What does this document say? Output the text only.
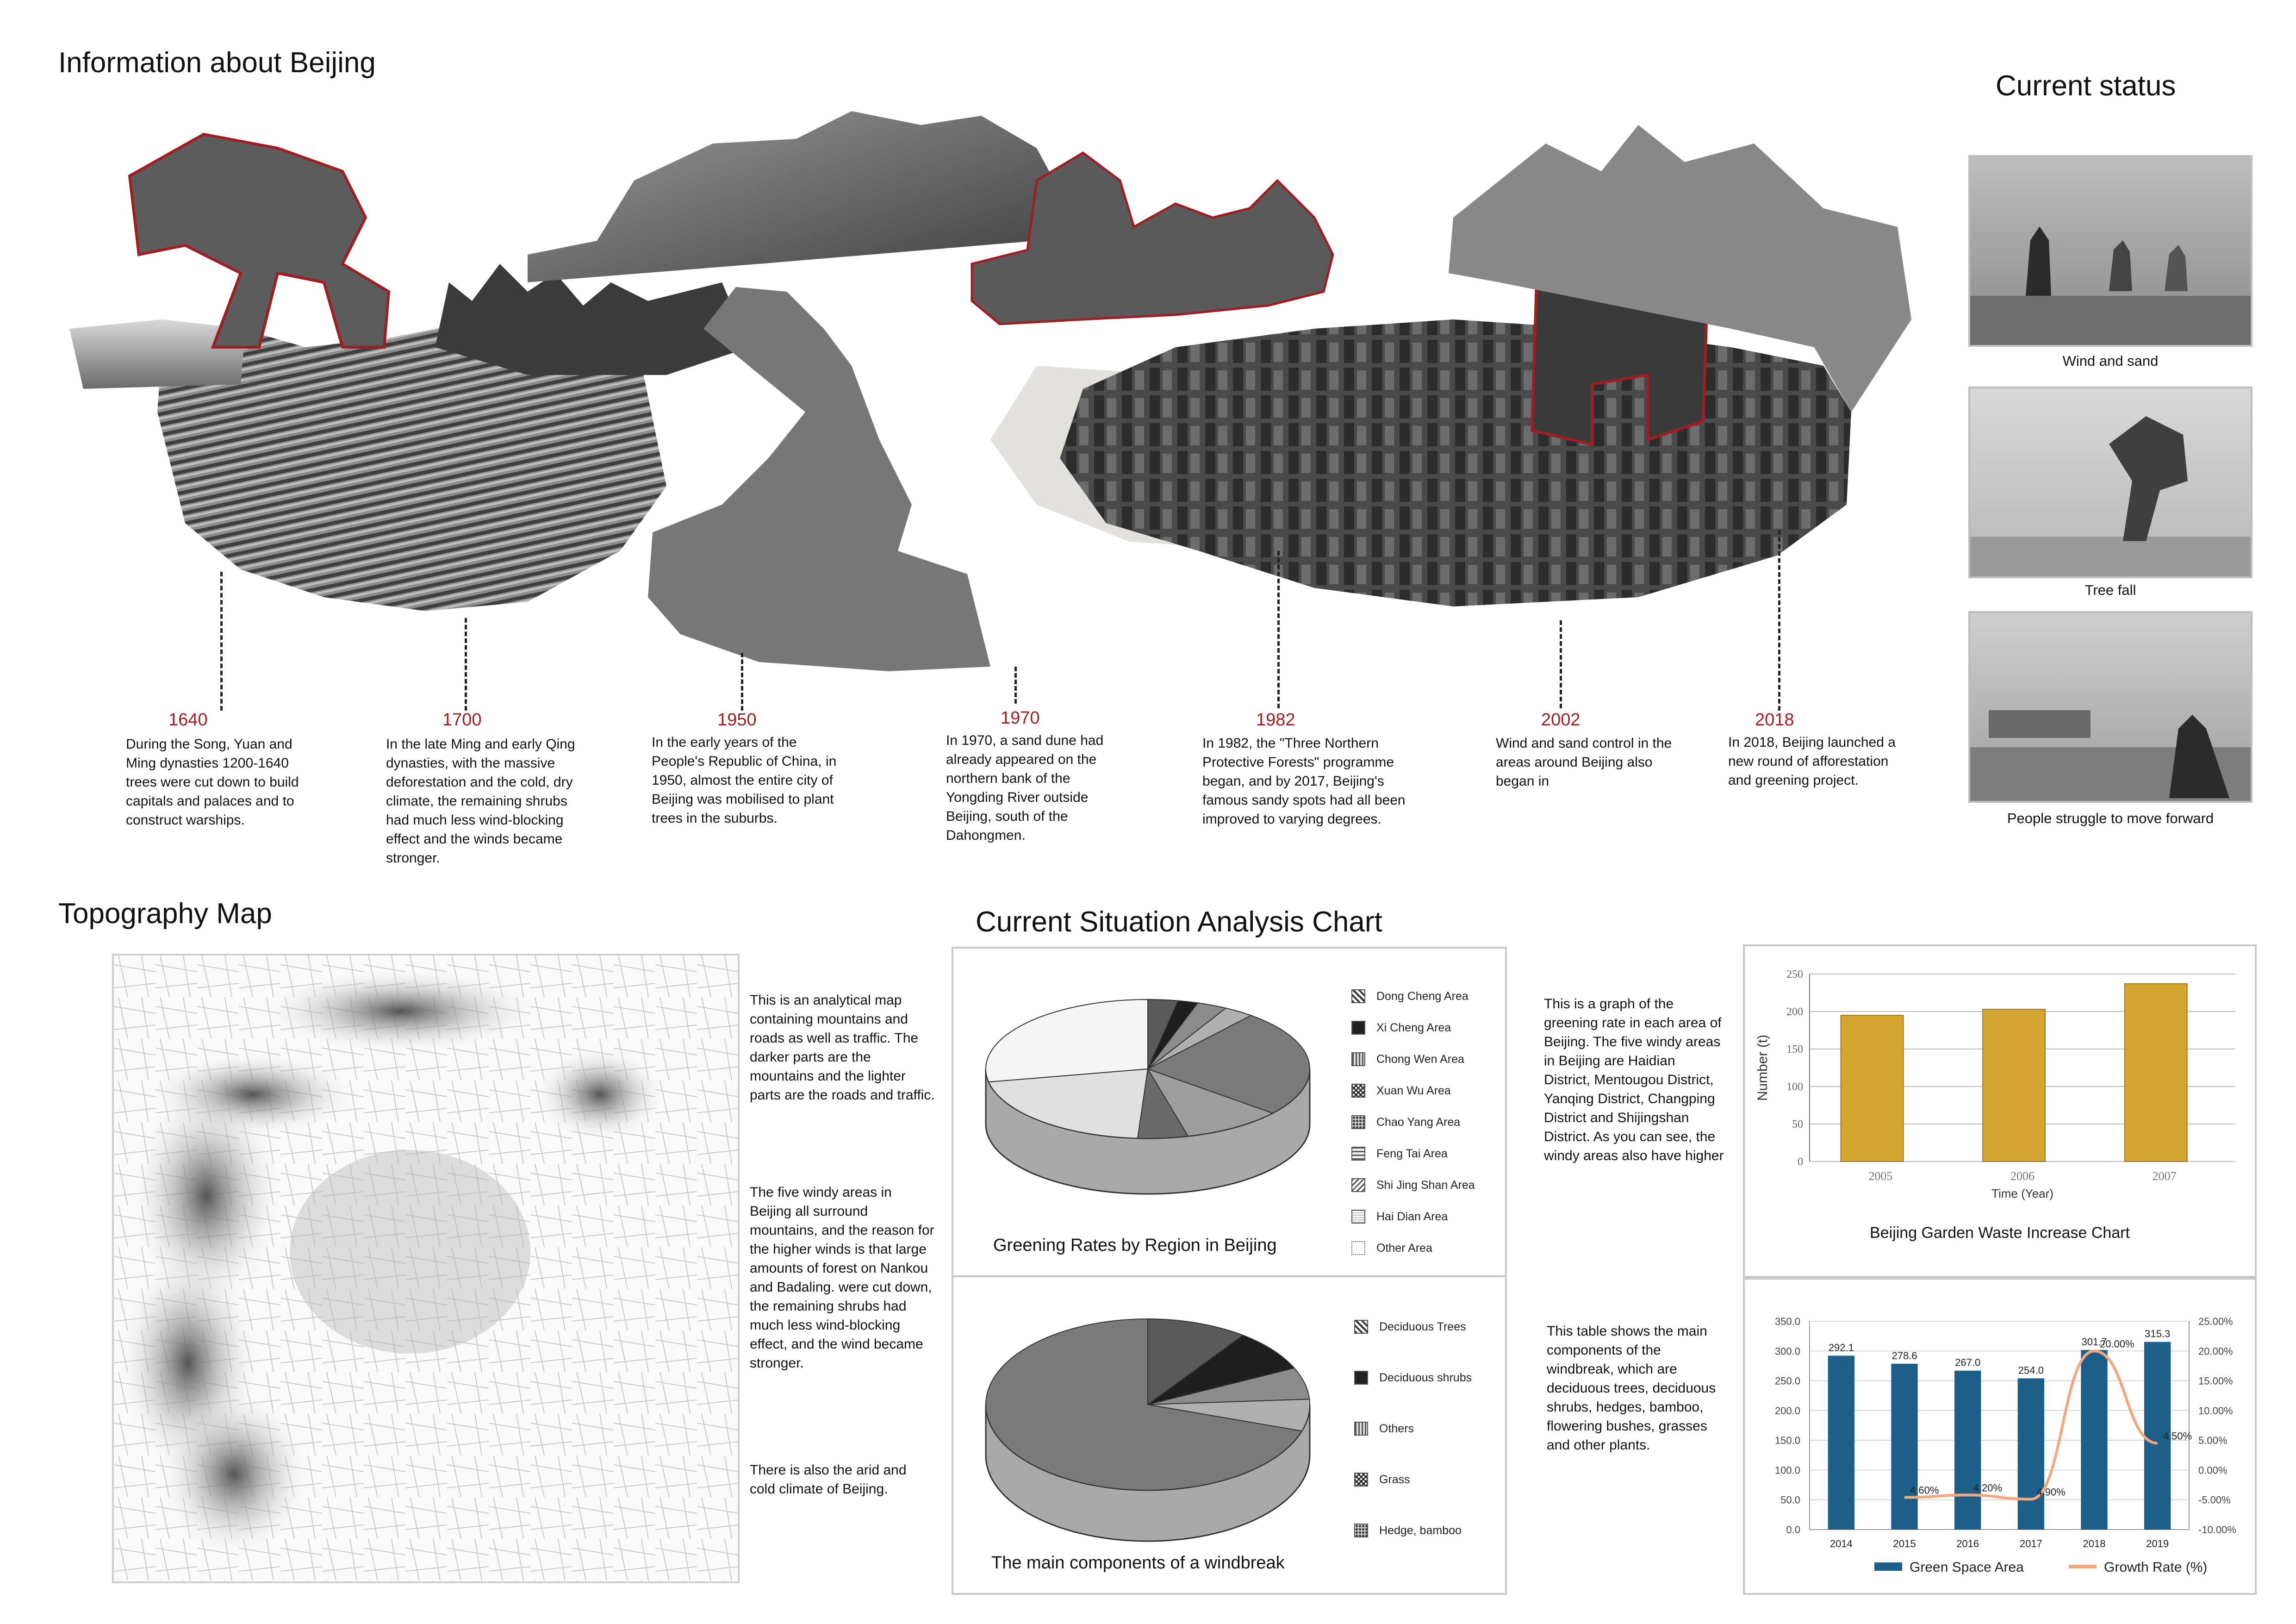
Information about Beijing
1640
During the Song, Yuan and Ming dynasties 1200-1640 trees were cut down to build capitals and palaces and to construct warships.
1700
In the late Ming and early Qing dynasties, with the massive deforestation and the cold, dry climate, the remaining shrubs had much less wind-blocking effect and the winds became stronger.
1950
In the early years of the People's Republic of China, in 1950, almost the entire city of Beijing was mobilised to plant trees in the suburbs.
1970
In 1970, a sand dune had already appeared on the northern bank of the Yongding River outside Beijing, south of the Dahongmen.
1982
In 1982, the "Three Northern Protective Forests" programme began, and by 2017, Beijing's famous sandy spots had all been improved to varying degrees.
2002
Wind and sand control in the areas around Beijing also began in
2018
In 2018, Beijing launched a new round of afforestation and greening project.
Current status
Wind and sand
Tree fall
People struggle to move forward
Topography Map
This is an analytical map containing mountains and roads as well as traffic. The darker parts are the mountains and the lighter parts are the roads and traffic.
The five windy areas in Beijing all surround mountains, and the reason for the higher winds is that large amounts of forest on Nankou and Badaling. were cut down, the remaining shrubs had much less wind-blocking effect, and the wind became stronger.
There is also the arid and cold climate of Beijing.
Current Situation Analysis Chart
Greening Rates by Region in Beijing
Dong Cheng Area
Xi Cheng Area
Chong Wen Area
Xuan Wu Area
Chao Yang Area
Feng Tai Area
Shi Jing Shan Area
Hai Dian Area
Other Area
The main components of a windbreak
Deciduous Trees
Deciduous shrubs
Others
Grass
Hedge, bamboo
This is a graph of the greening rate in each area of Beijing. The five windy areas in Beijing are Haidian District, Mentougou District, Yanqing District, Changping District and Shijingshan District. As you can see, the windy areas also have higher
This table shows the main components of the windbreak, which are deciduous trees, deciduous shrubs, hedges, bamboo, flowering bushes, grasses and other plants.
0
50
100
150
200
250
2005	2006	2007
Time (Year)
Number (t)
Beijing Garden Waste Increase Chart
0.0
50.0
100.0
150.0
200.0
250.0
300.0
350.0
-10.00%
-5.00%
0.00%
5.00%
10.00%
15.00%
20.00%
25.00%
292.1
2014
278.6
2015
267.0
2016
254.0
2017
301.7
2018
315.3
2019
4.60%	4.20%	4.90%
20.00%
4.50%
Green Space Area	Growth Rate (%)
